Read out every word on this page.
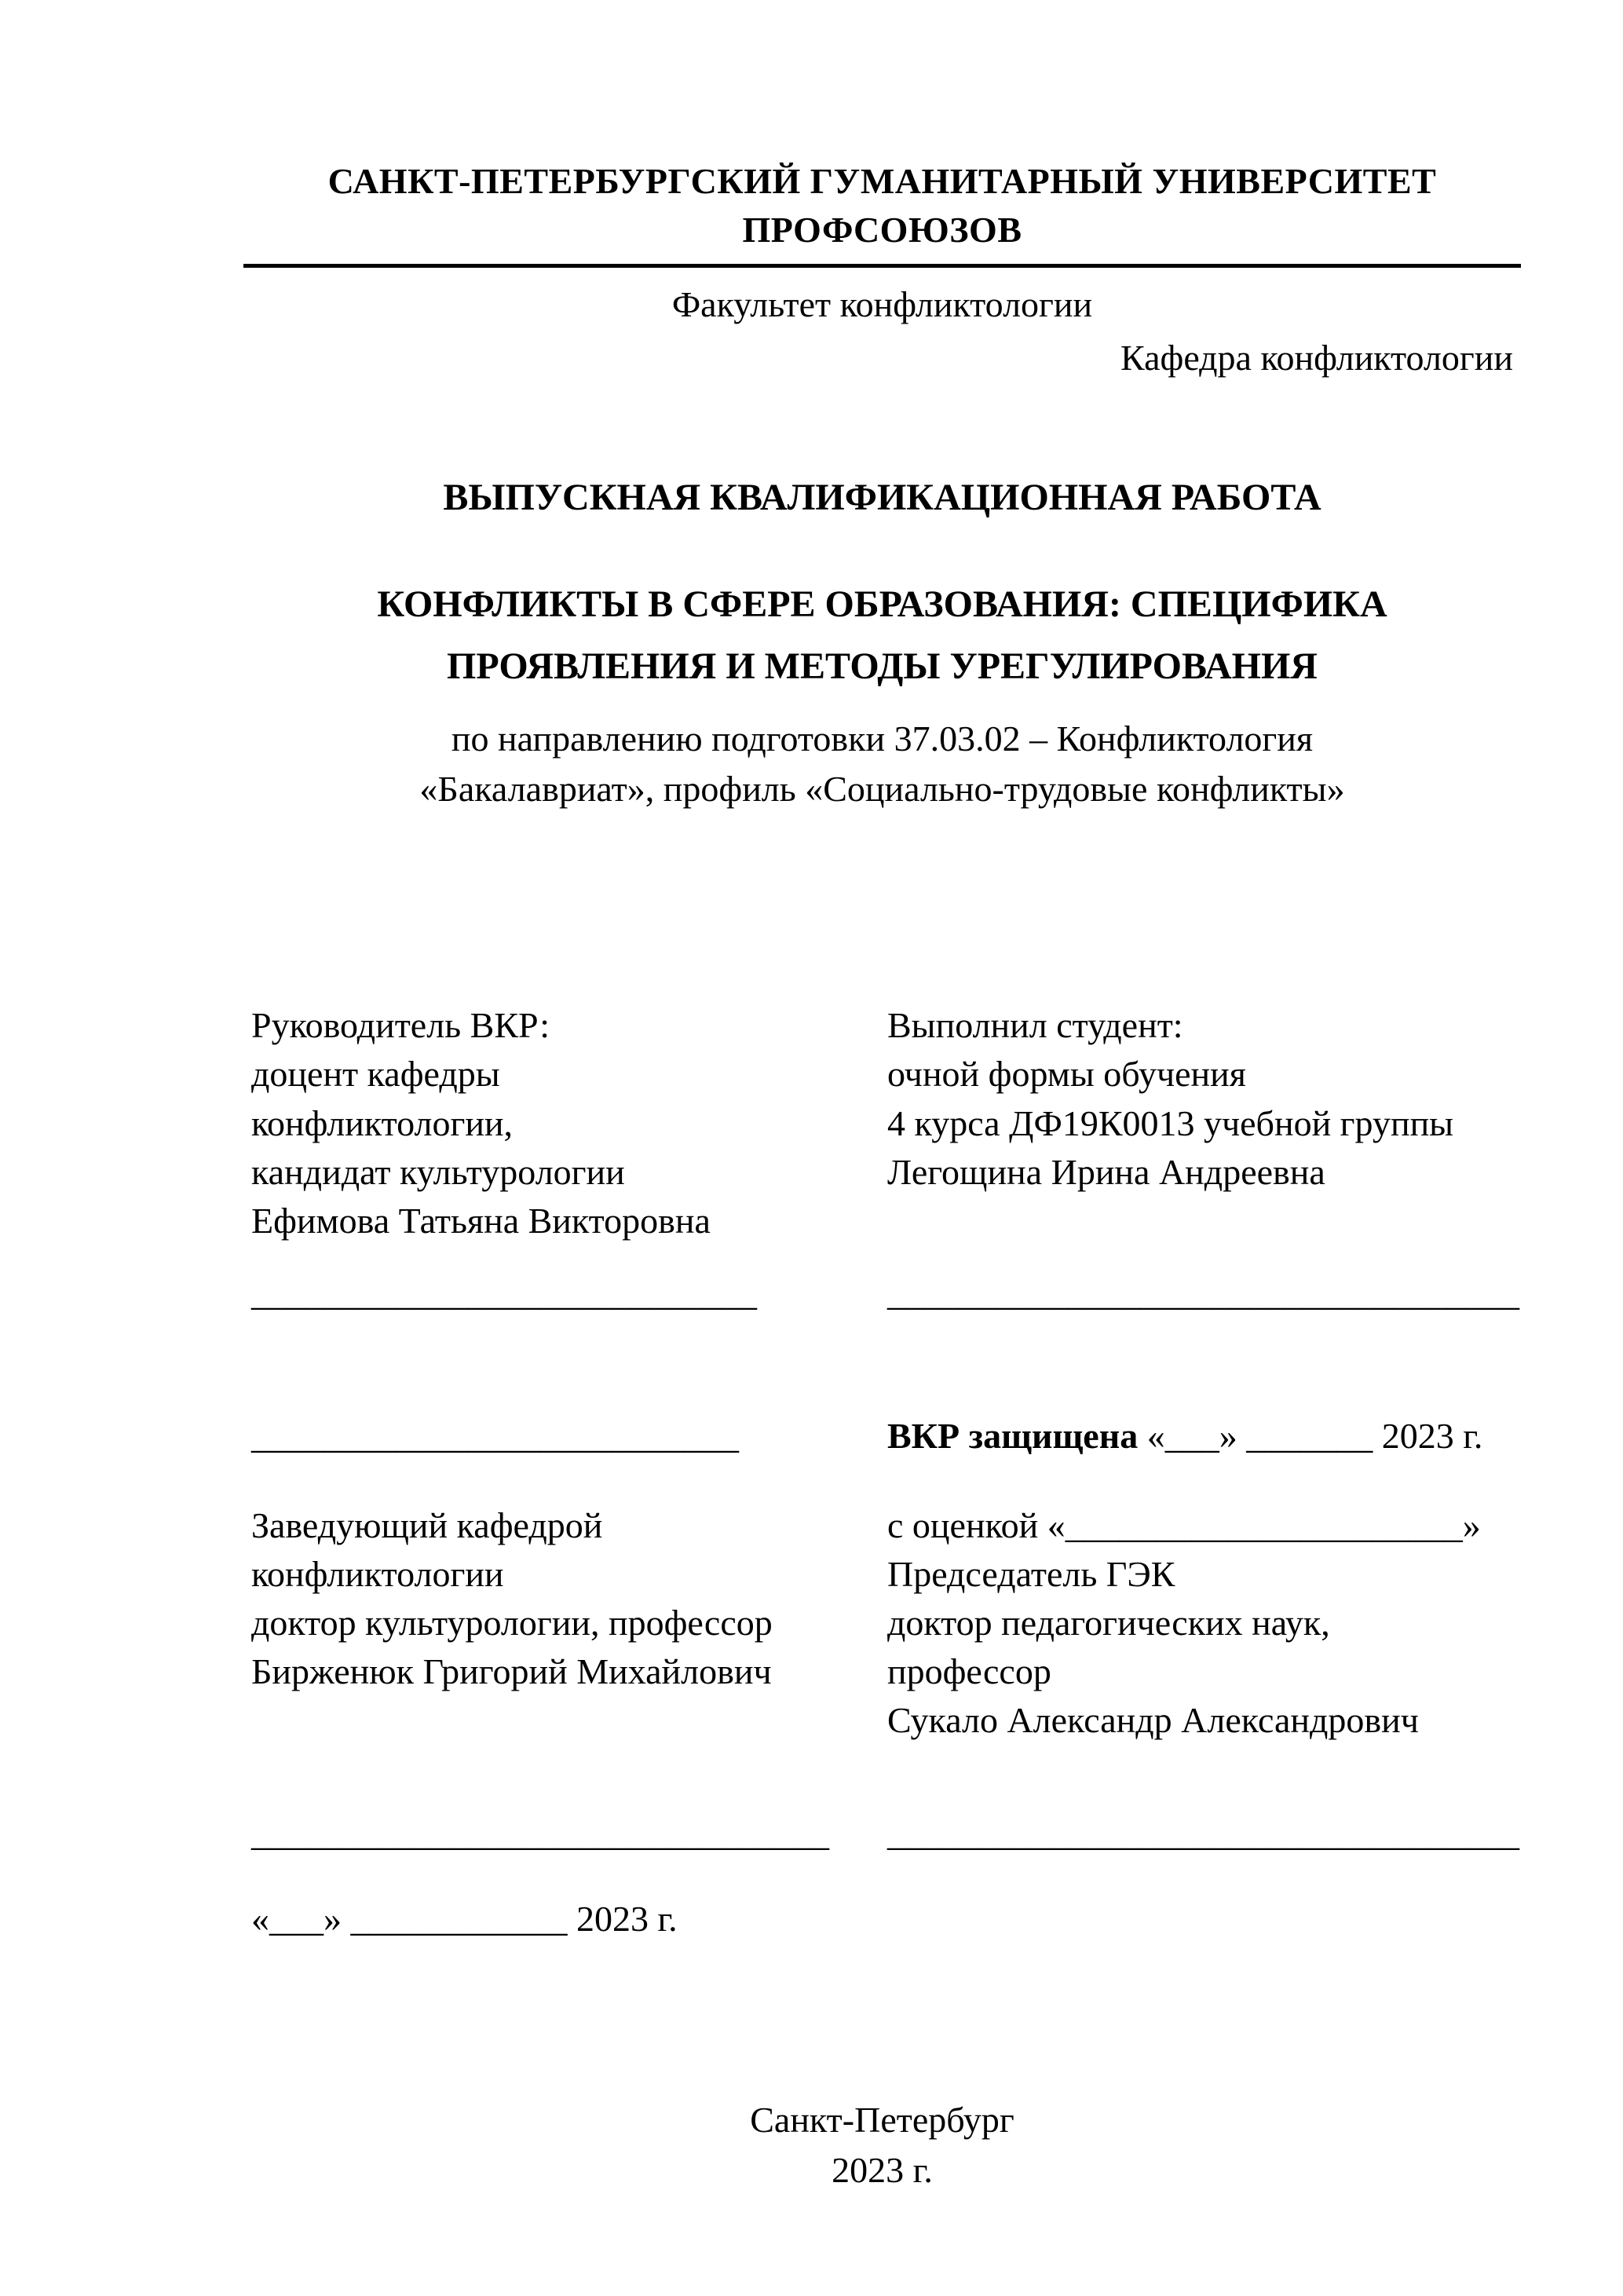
САНКТ-ПЕТЕРБУРГСКИЙ ГУМАНИТАРНЫЙ УНИВЕРСИТЕТ ПРОФСОЮЗОВ
Факультет конфликтологии
Кафедра конфликтологии
ВЫПУСКНАЯ КВАЛИФИКАЦИОННАЯ РАБОТА
КОНФЛИКТЫ В СФЕРЕ ОБРАЗОВАНИЯ: СПЕЦИФИКА
ПРОЯВЛЕНИЯ И МЕТОДЫ УРЕГУЛИРОВАНИЯ
по направлению подготовки 37.03.02 – Конфликтология
«Бакалавриат», профиль «Социально-трудовые конфликты»
Руководитель ВКР:
доцент кафедры
конфликтологии,
кандидат культурологии
Ефимова Татьяна Викторовна
Выполнил студент:
очной формы обучения
4 курса ДФ19К0013 учебной группы
Легощина Ирина Андреевна
____________________________	___________________________________
___________________________	ВКР защищена «___» _______ 2023 г.
Заведующий кафедрой
конфликтологии
доктор культурологии, профессор
Бирженюк Григорий Михайлович
с оценкой «______________________»
Председатель ГЭК
доктор педагогических наук,
профессор
Сукало Александр Александрович
________________________________	___________________________________
«___» ____________ 2023 г.
Санкт-Петербург
2023 г.
